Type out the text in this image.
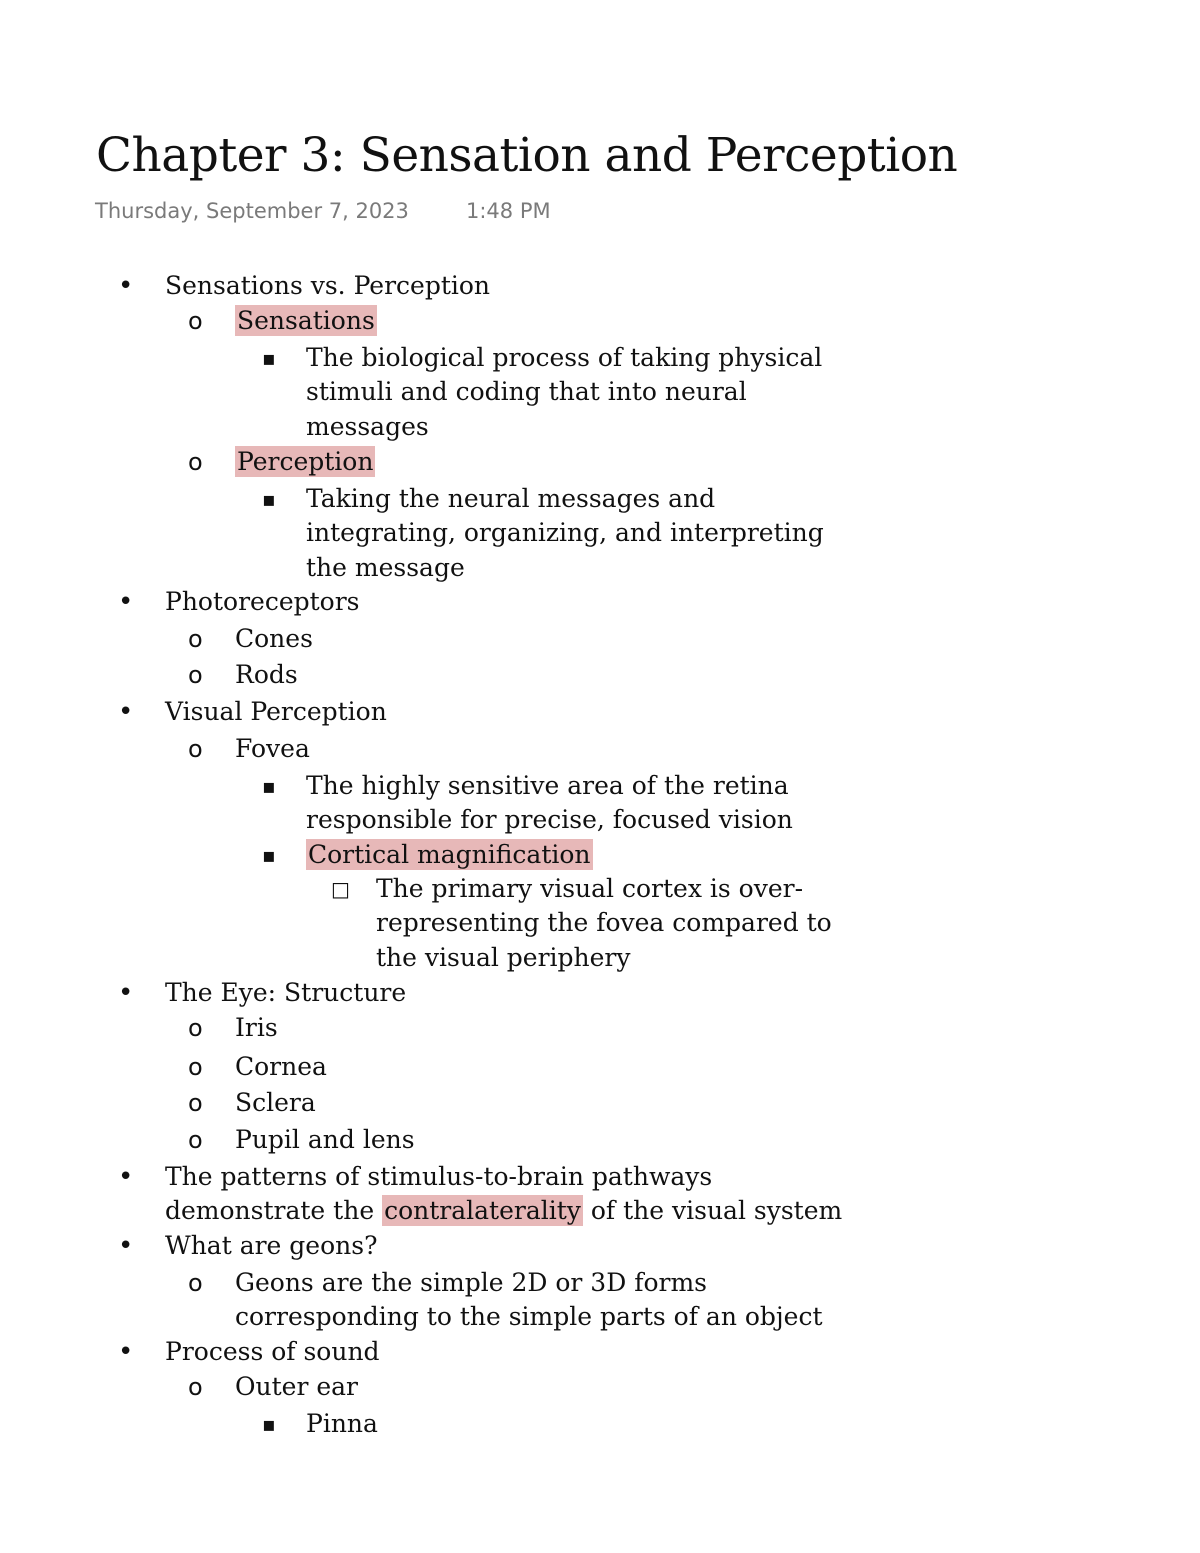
Chapter 3: Sensation and Perception
Thursday, September 7, 2023	1:48 PM
• Sensations vs. Perception
o Sensations
▪ The biological process of taking physical
stimuli and coding that into neural
messages
o Perception
▪ Taking the neural messages and
integrating, organizing, and interpreting
the message
• Photoreceptors
o Cones
o Rods
• Visual Perception
o Fovea
▪ The highly sensitive area of the retina
responsible for precise, focused vision
▪ Cortical magnification
□ The primary visual cortex is over-
representing the fovea compared to
the visual periphery
• The Eye: Structure
o Iris
o Cornea
o Sclera
o Pupil and lens
• The patterns of stimulus-to-brain pathways
demonstrate the contralaterality of the visual system
• What are geons?
o Geons are the simple 2D or 3D forms
corresponding to the simple parts of an object
• Process of sound
o Outer ear
▪ Pinna
